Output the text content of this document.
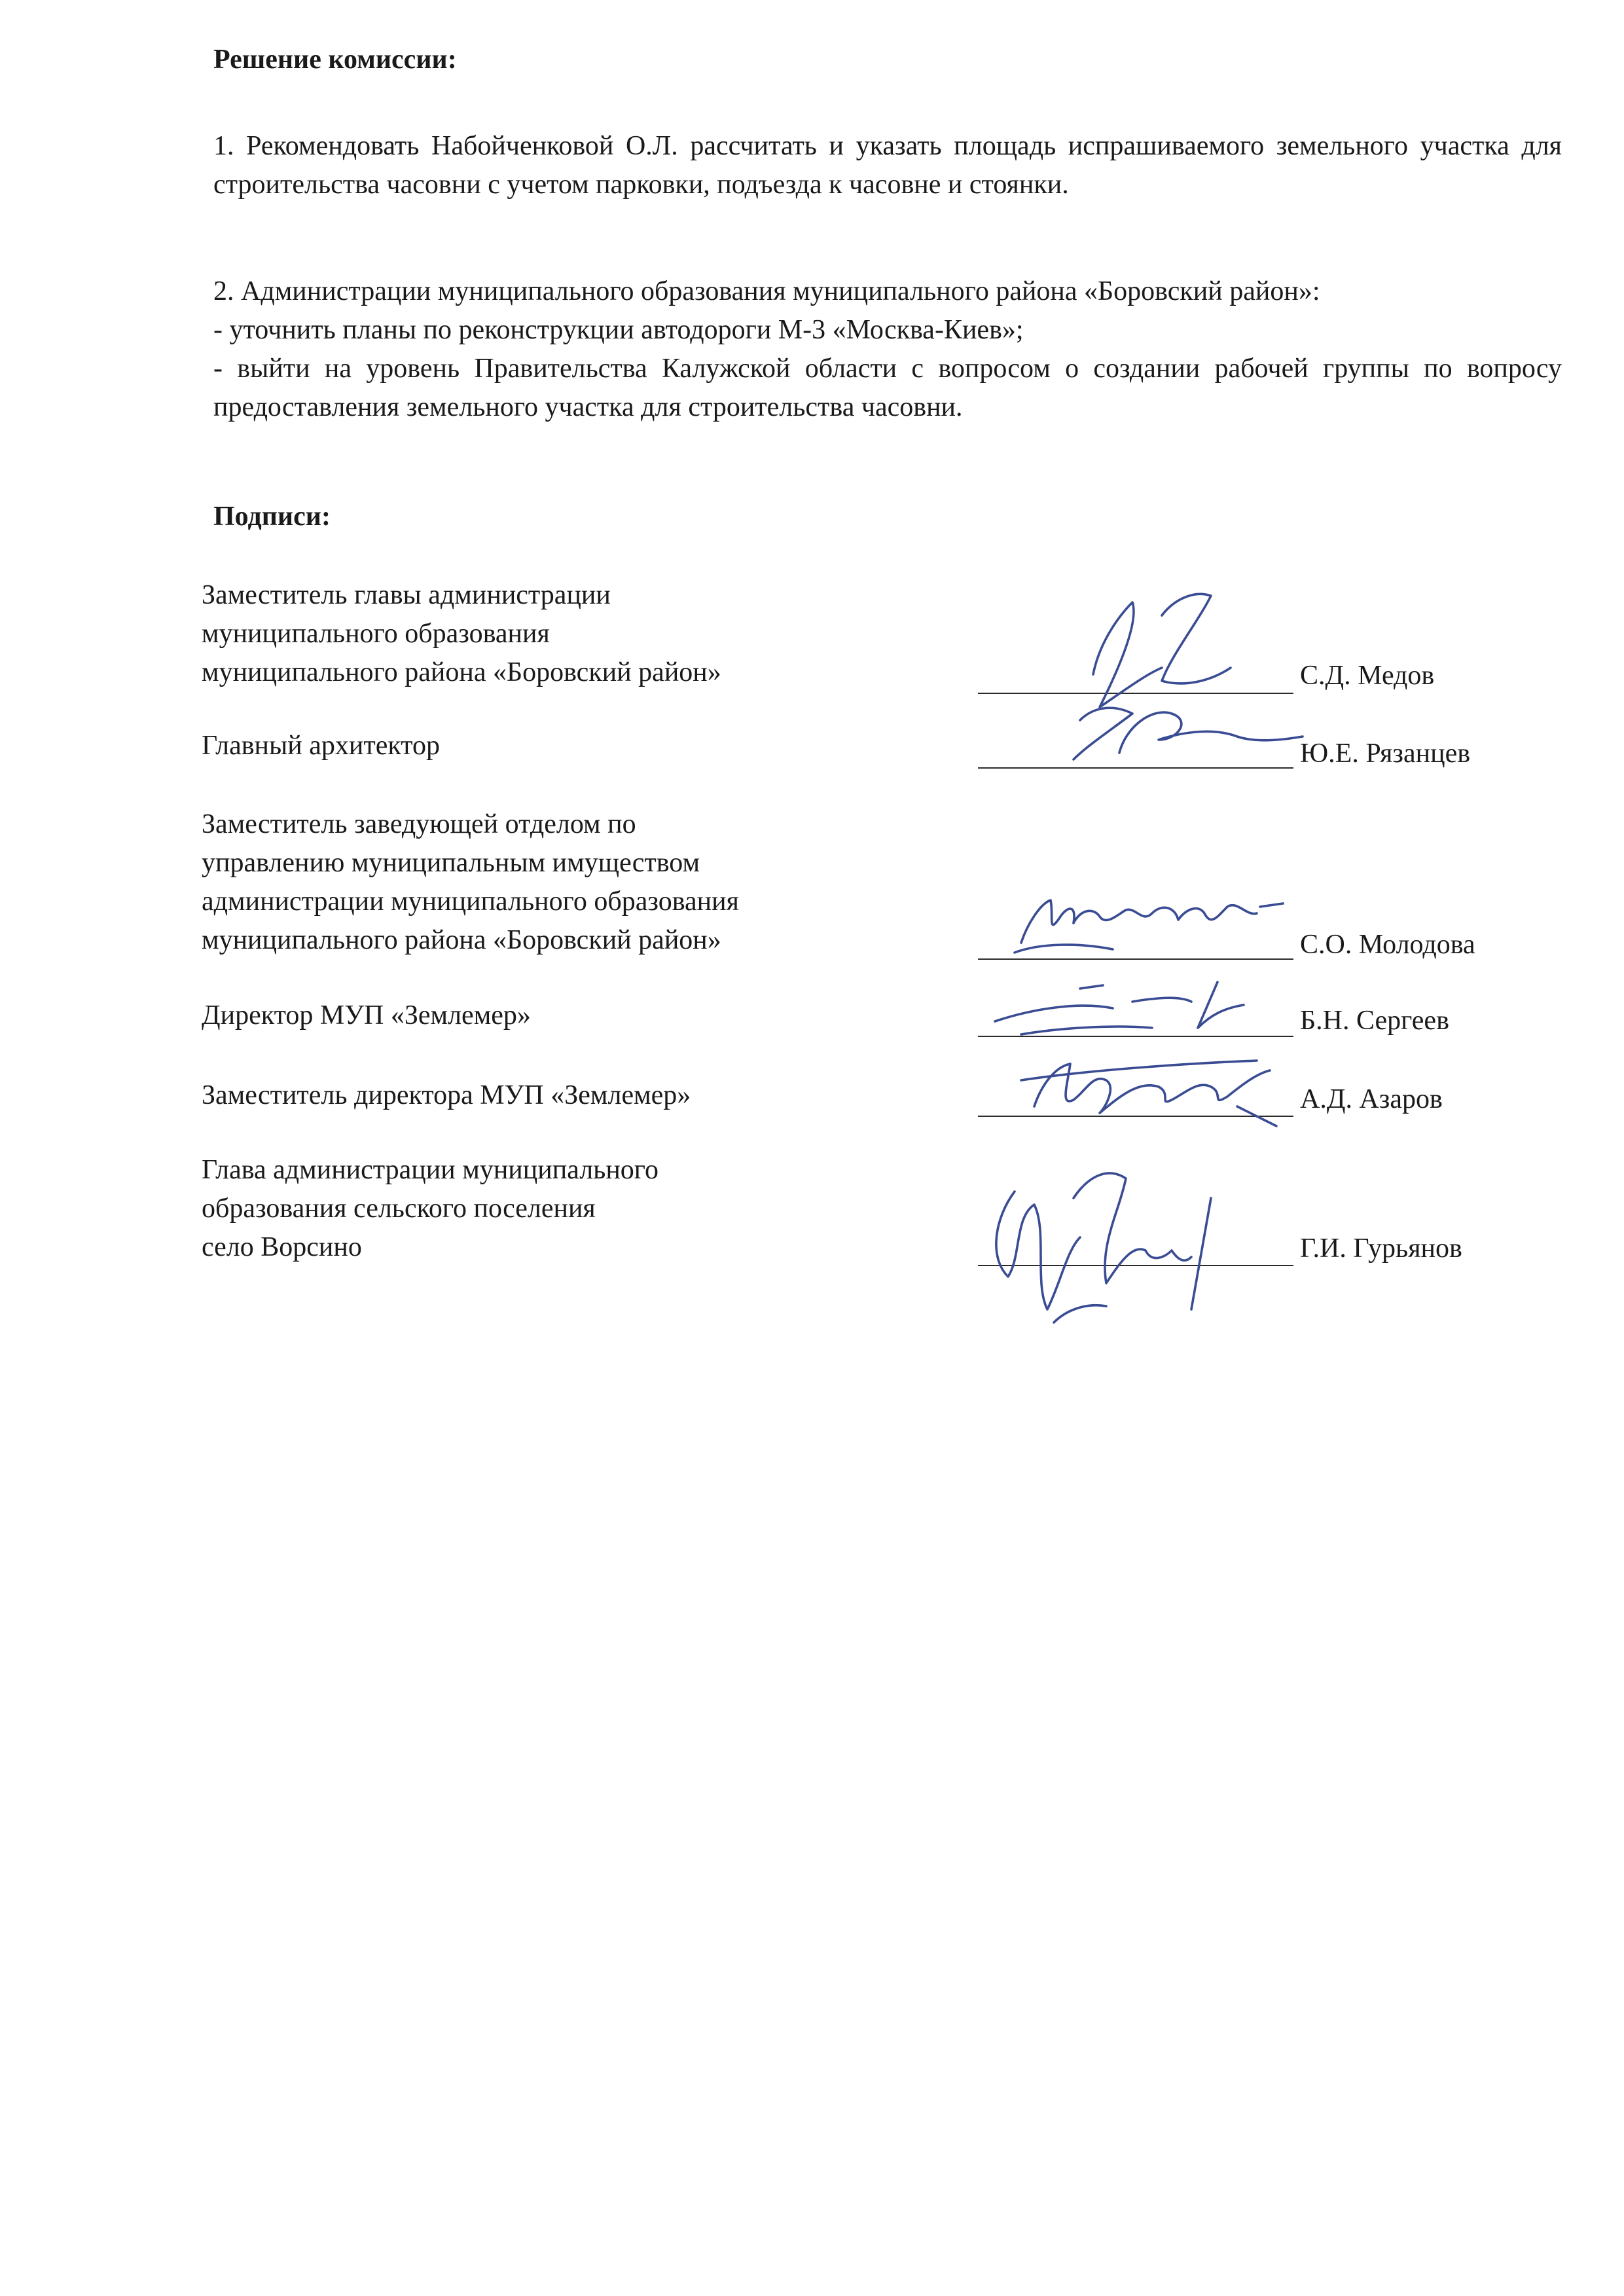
Решение комиссии:
1. Рекомендовать Набойченковой О.Л. рассчитать и указать площадь испрашиваемого земельного участка для строительства часовни с учетом парковки, подъезда к часовне и стоянки.
2. Администрации муниципального образования муниципального района «Боровский район»:
- уточнить планы по реконструкции автодороги М-3 «Москва-Киев»;
- выйти на уровень Правительства Калужской области с вопросом о создании рабочей группы по вопросу предоставления земельного участка для строительства часовни.
Подписи:
Заместитель главы администрации
муниципального образования
муниципального района «Боровский район»	С.Д. Медов
Главный архитектор	Ю.Е. Рязанцев
Заместитель заведующей отделом по
управлению муниципальным имуществом
администрации муниципального образования
муниципального района «Боровский район»	С.О. Молодова
Директор МУП «Землемер»	Б.Н. Сергеев
Заместитель директора МУП «Землемер»	А.Д. Азаров
Глава администрации муниципального
образования сельского поселения
село Ворсино	Г.И. Гурьянов
